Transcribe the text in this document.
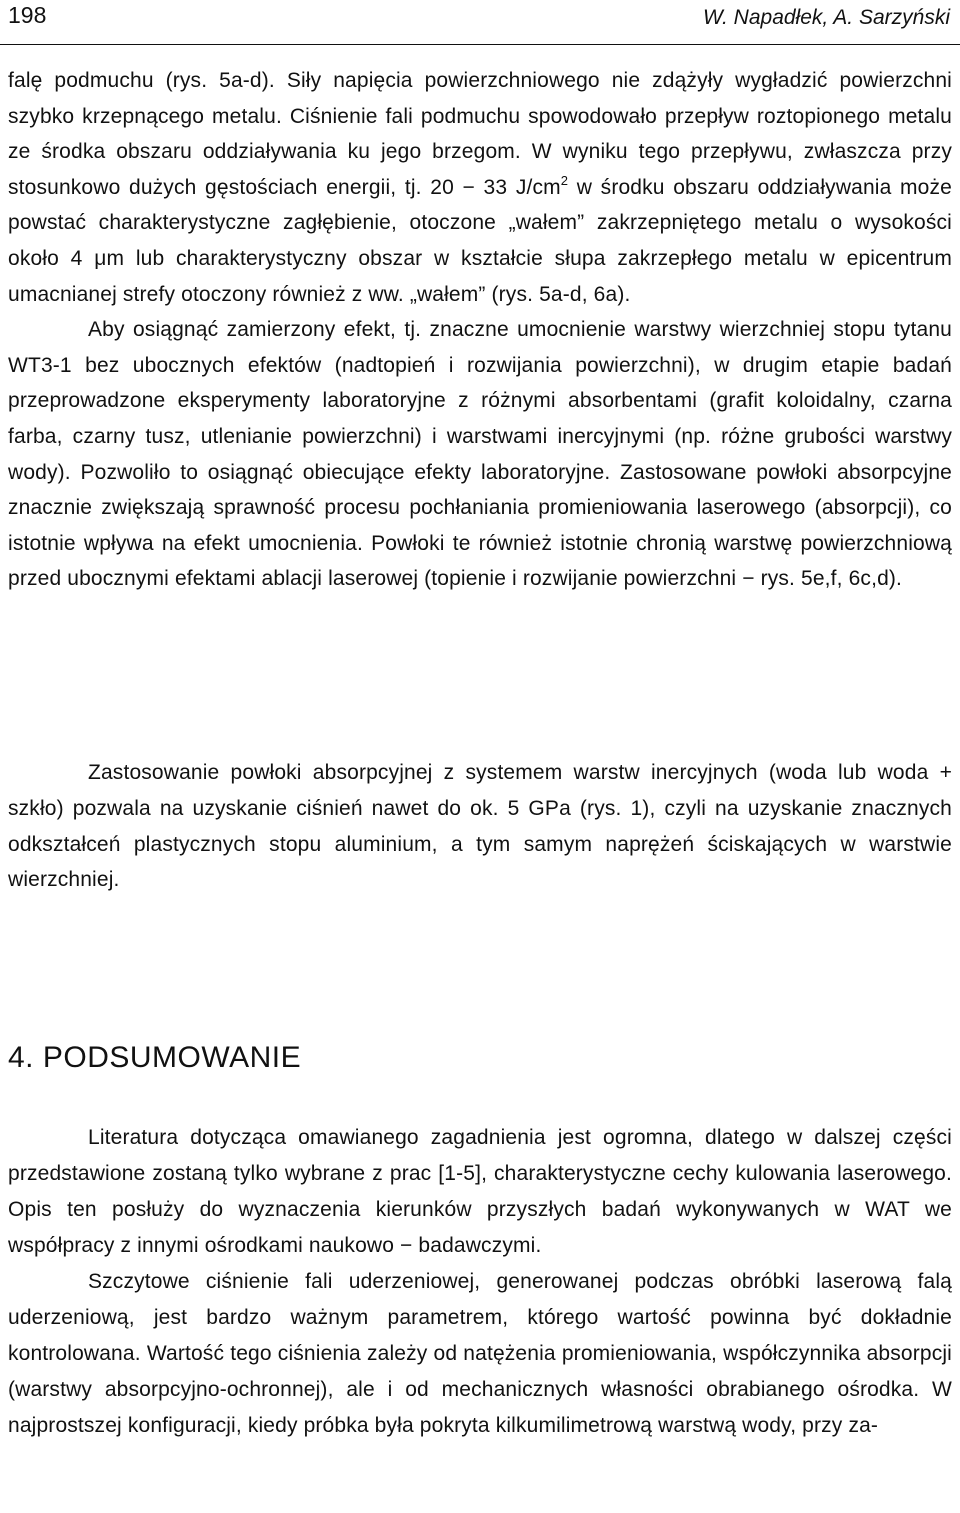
198	W. Napadłek, A. Sarzyński

falę podmuchu (rys. 5a-d). Siły napięcia powierzchniowego nie zdążyły wygładzić powierzchni szybko krzepnącego metalu. Ciśnienie fali podmuchu spowodowało przepływ roztopionego metalu ze środka obszaru oddziaływania ku jego brzegom. W wyniku tego przepływu, zwłaszcza przy stosunkowo dużych gęstościach energii, tj. 20 − 33 $J/cm^2$ w środku obszaru oddziaływania może powstać charakterystyczne zagłębienie, otoczone „wałem” zakrzepniętego metalu o wysokości około 4 μm lub charakterystyczny obszar w kształcie słupa zakrzepłego metalu w epicentrum umacnianej strefy otoczony również z ww. „wałem” (rys. 5a-d, 6a).

Aby osiągnąć zamierzony efekt, tj. znaczne umocnienie warstwy wierzchniej stopu tytanu WT3-1 bez ubocznych efektów (nadtopień i rozwijania powierzchni), w drugim etapie badań przeprowadzone eksperymenty laboratoryjne z różnymi absorbentami (grafit koloidalny, czarna farba, czarny tusz, utlenianie powierzchni) i warstwami inercyjnymi (np. różne grubości warstwy wody). Pozwoliło to osiągnąć obiecujące efekty laboratoryjne. Zastosowane powłoki absorpcyjne znacznie zwiększają sprawność procesu pochłaniania promieniowania laserowego (absorpcji), co istotnie wpływa na efekt umocnienia. Powłoki te również istotnie chronią warstwę powierzchniową przed ubocznymi efektami ablacji laserowej (topienie i rozwijanie powierzchni − rys. 5e,f, 6c,d).

Zastosowanie powłoki absorpcyjnej z systemem warstw inercyjnych (woda lub woda + szkło) pozwala na uzyskanie ciśnień nawet do ok. 5 GPa (rys. 1), czyli na uzyskanie znacznych odkształceń plastycznych stopu aluminium, a tym samym naprężeń ściskających w warstwie wierzchniej.

4. PODSUMOWANIE

Literatura dotycząca omawianego zagadnienia jest ogromna, dlatego w dalszej części przedstawione zostaną tylko wybrane z prac [1-5], charakterystyczne cechy kulowania laserowego. Opis ten posłuży do wyznaczenia kierunków przyszłych badań wykonywanych w WAT we współpracy z innymi ośrodkami naukowo − badawczymi.

Szczytowe ciśnienie fali uderzeniowej, generowanej podczas obróbki laserową falą uderzeniową, jest bardzo ważnym parametrem, którego wartość powinna być dokładnie kontrolowana. Wartość tego ciśnienia zależy od natężenia promieniowania, współczynnika absorpcji (warstwy absorpcyjno-ochronnej), ale i od mechanicznych własności obrabianego ośrodka. W najprostszej konfiguracji, kiedy próbka była pokryta kilkumilimetrową warstwą wody, przy za-
